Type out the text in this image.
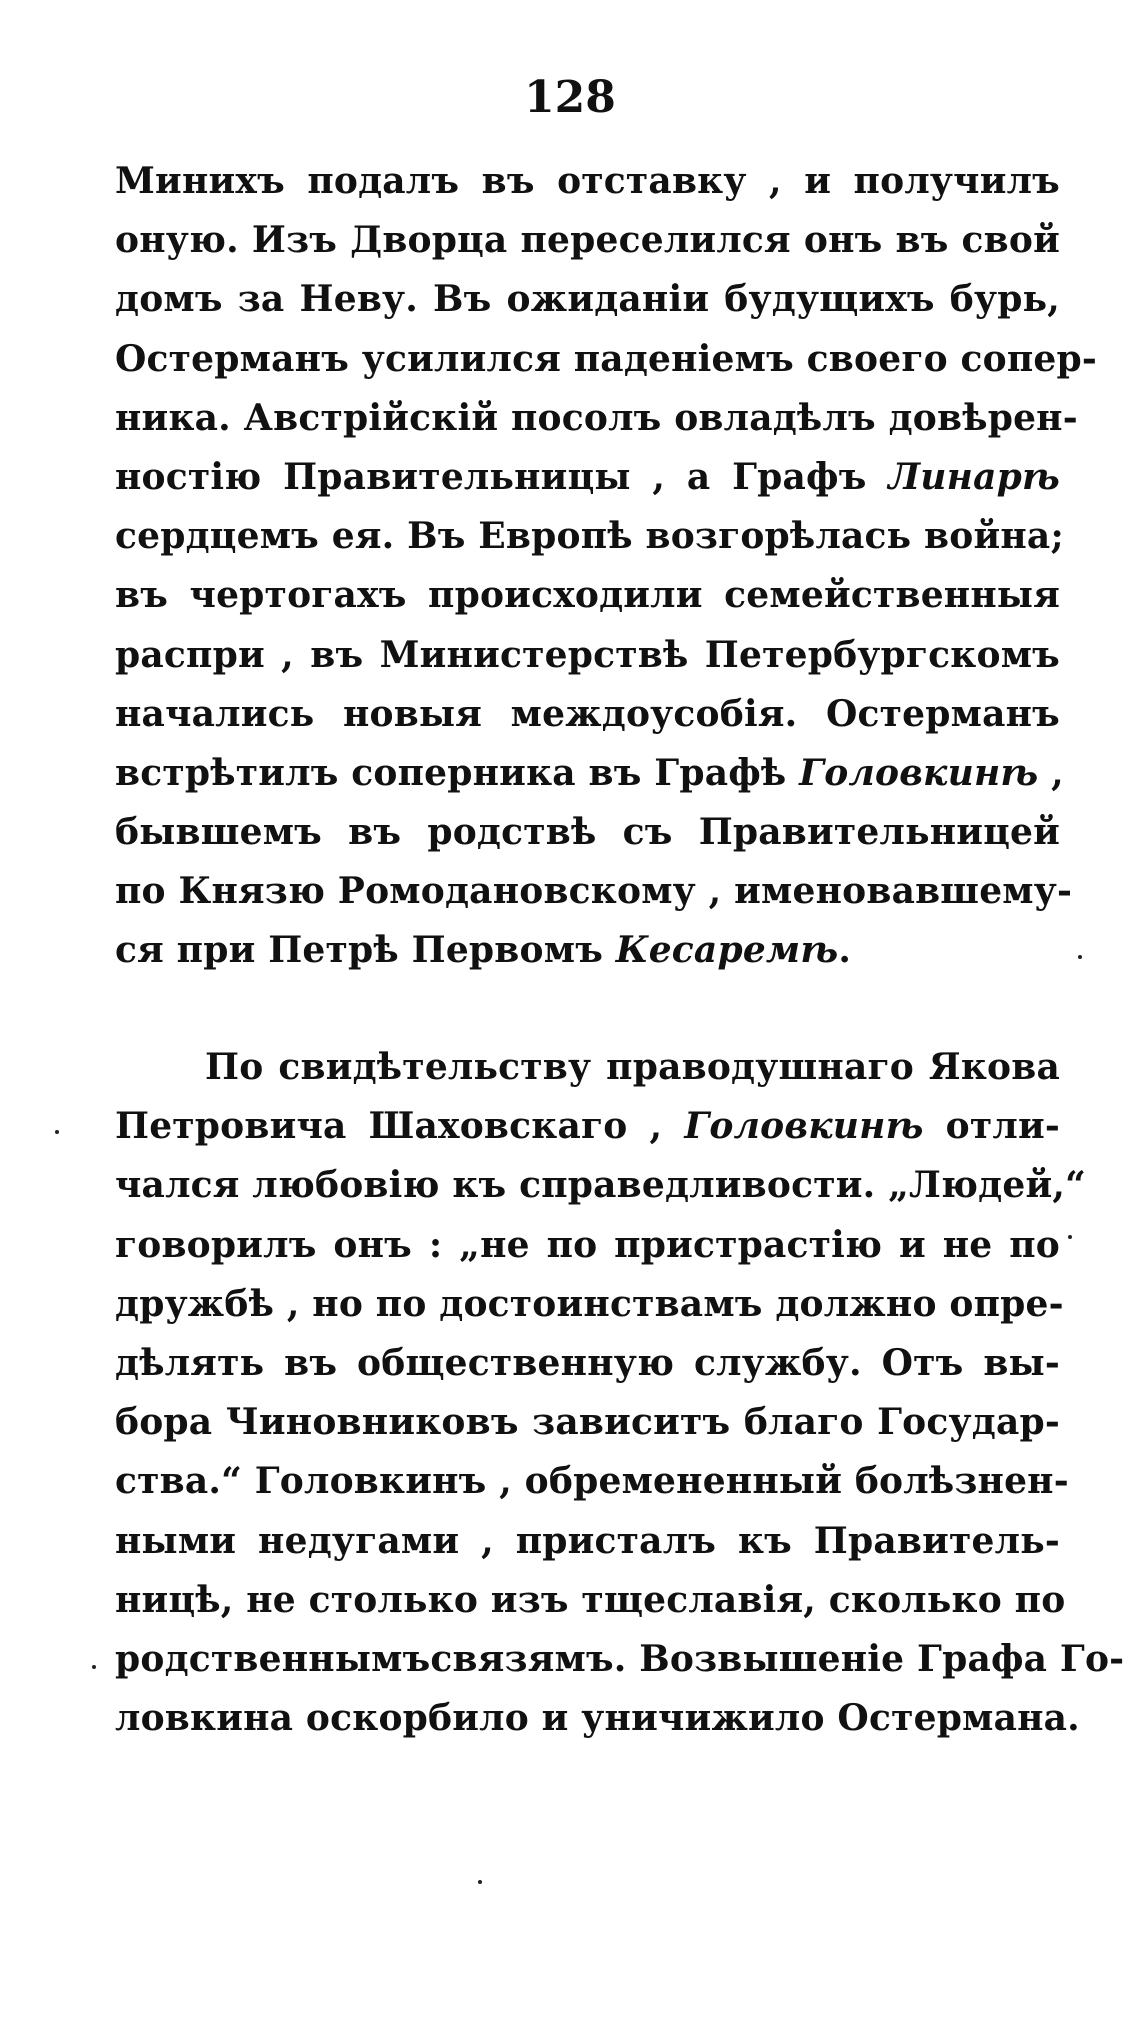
128
Минихъ подалъ въ отставку , и получилъ
оную. Изъ Дворца переселился онъ въ свой
домъ за Неву. Въ ожиданіи будущихъ бурь,
Остерманъ усилился паденіемъ своего сопер-
ника. Австрійскій посолъ овладѣлъ довѣрен-
ностію Правительницы , а Графъ Линарѣ
сердцемъ ея. Въ Европѣ возгорѣлась война;
въ чертогахъ происходили семейственныя
распри , въ Министерствѣ Петербургскомъ
начались новыя междоусобія. Остерманъ
встрѣтилъ соперника въ Графѣ Головкинѣ ,
бывшемъ въ родствѣ съ Правительницей
по Князю Ромодановскому , именовавшему-
ся при Петрѣ Первомъ Кесаремѣ.
По свидѣтельству праводушнаго Якова
Петровича Шаховскаго , Головкинѣ отли-
чался любовію къ справедливости. „Людей,“
говорилъ онъ : „не по пристрастію и не по
дружбѣ , но по достоинствамъ должно опре-
дѣлять въ общественную службу. Отъ вы-
бора Чиновниковъ зависитъ благо Государ-
ства.“ Головкинъ , обремененный болѣзнен-
ными недугами , присталъ къ Правитель-
ницѣ, не столько изъ тщеславія, сколько по
родственнымъсвязямъ. Возвышеніе Графа Го-
ловкина оскорбило и уничижило Остермана.
